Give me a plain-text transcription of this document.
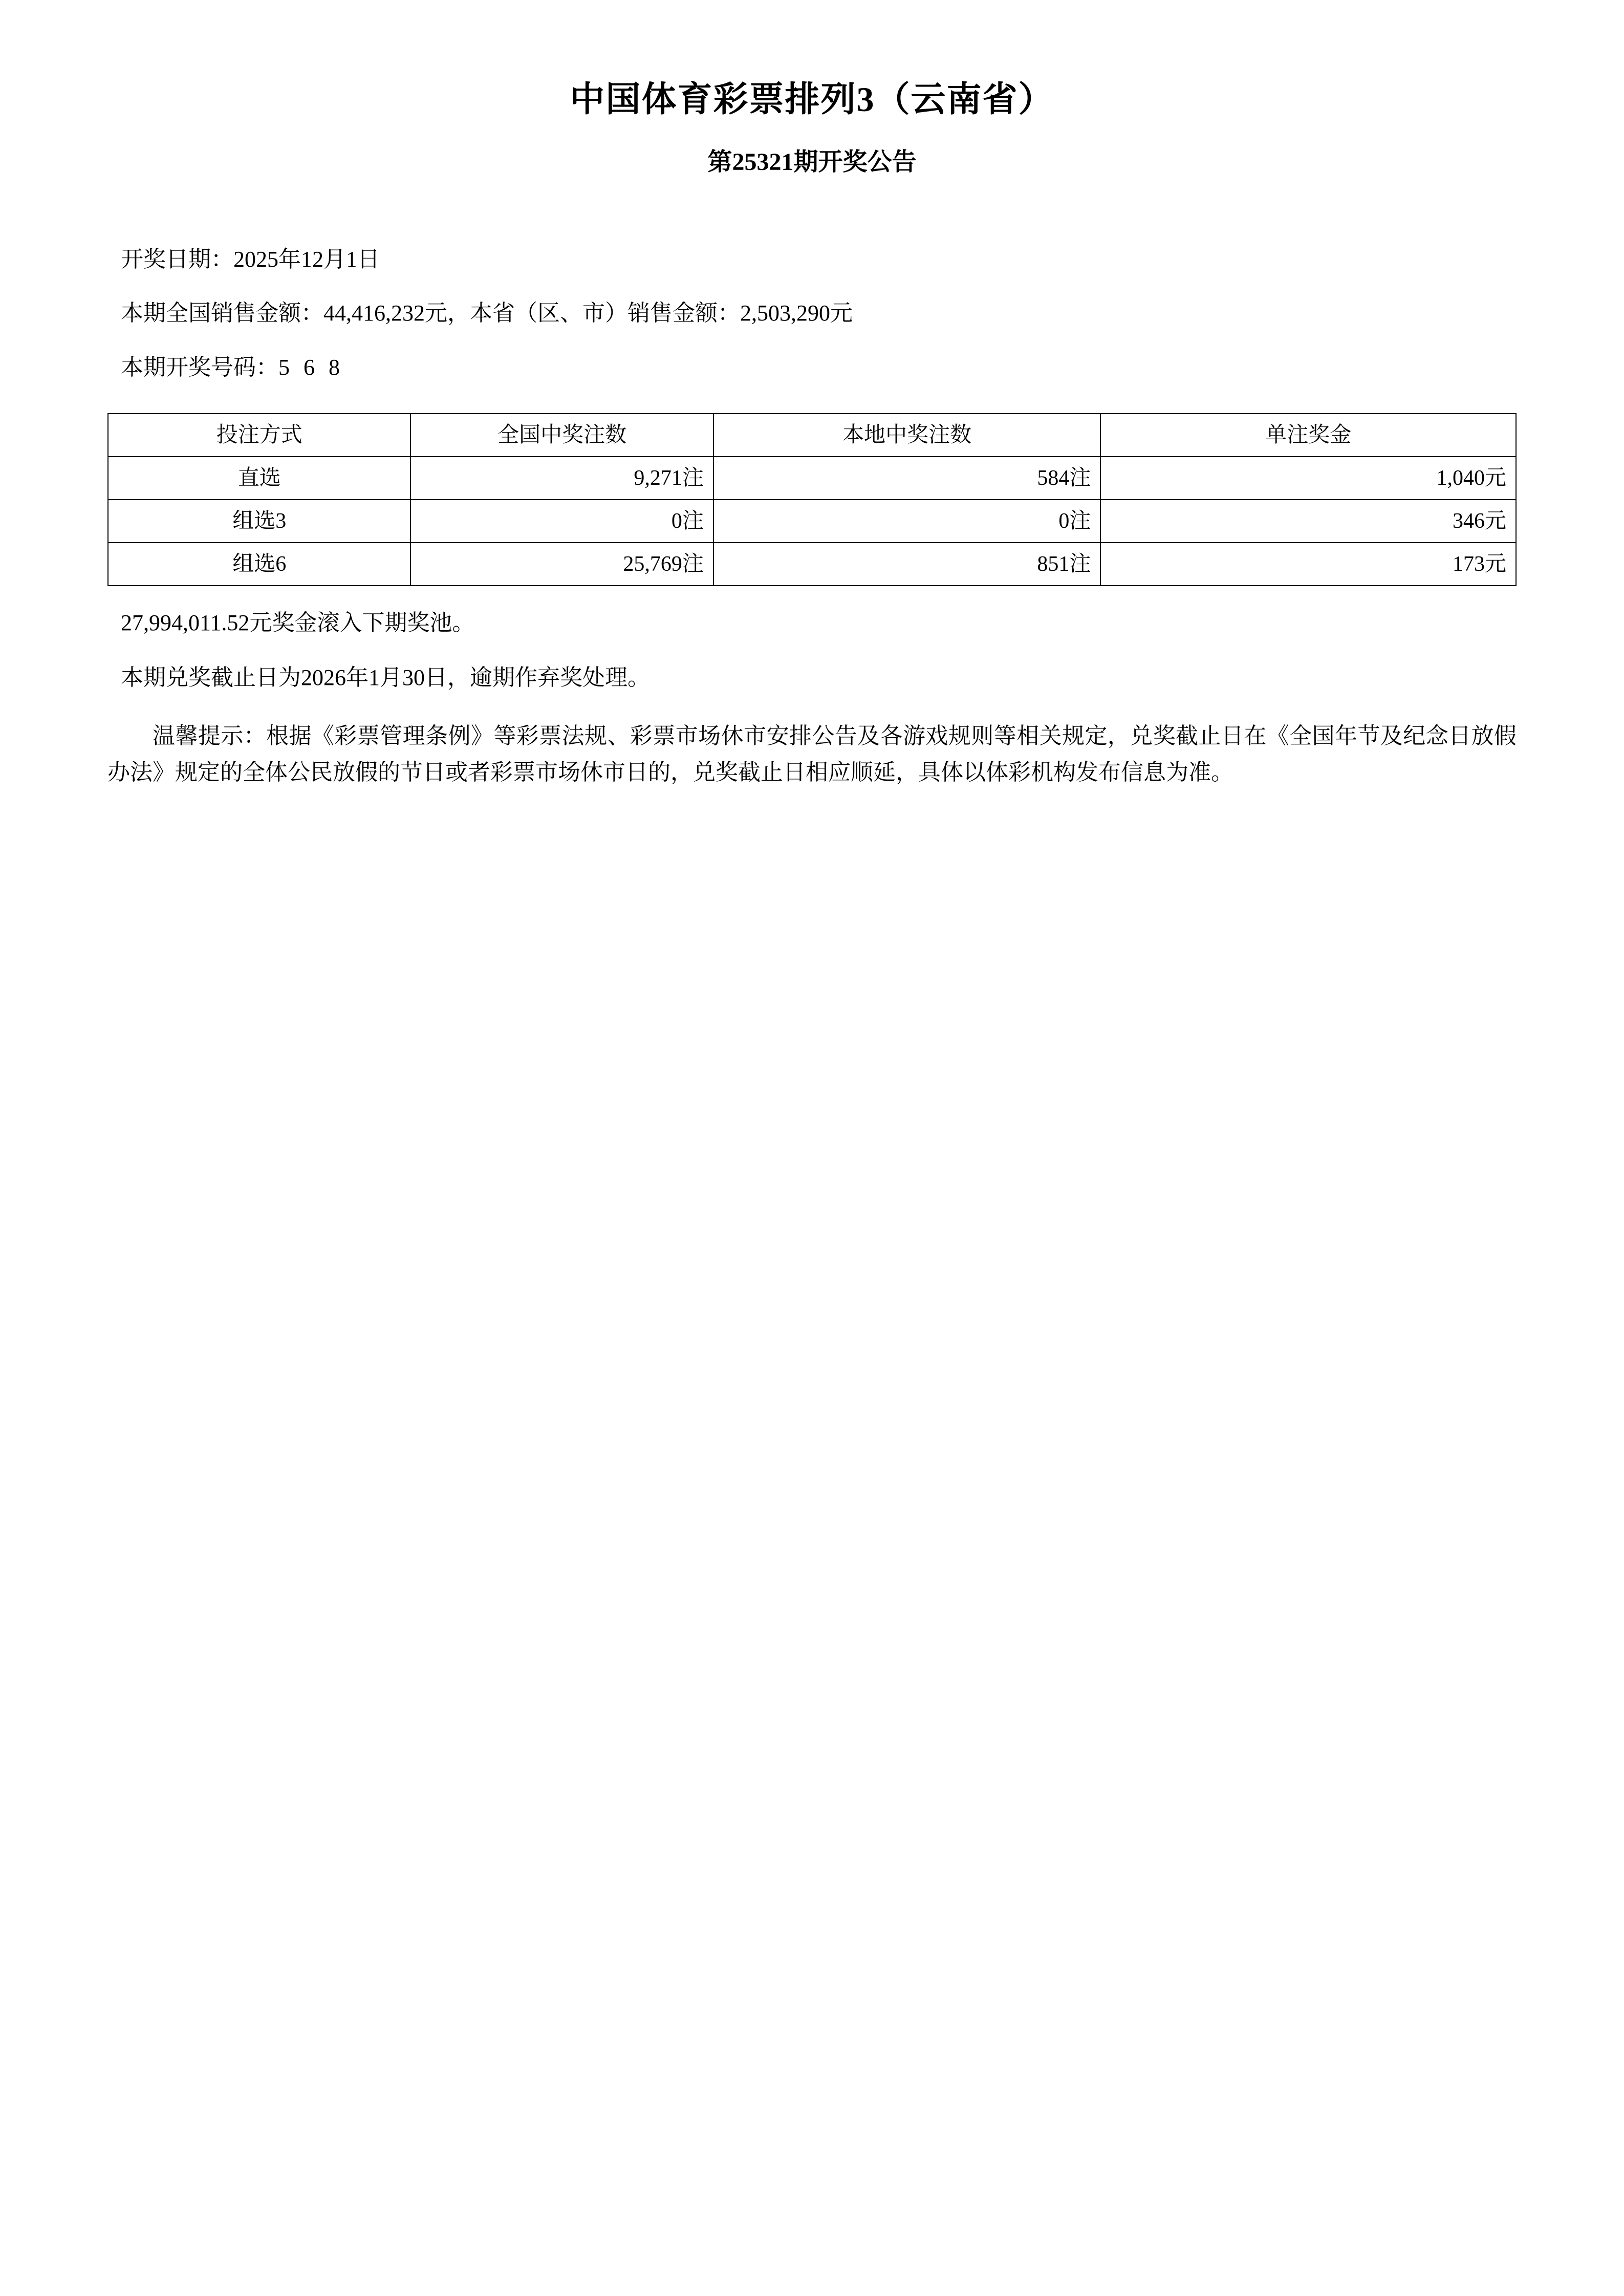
中国体育彩票排列3（云南省）
第25321期开奖公告

开奖日期：2025年12月1日

本期全国销售金额：44,416,232元，本省（区、市）销售金额：2,503,290元

本期开奖号码：5 6 8

投注方式	全国中奖注数	本地中奖注数	单注奖金
直选	9,271注	584注	1,040元
组选3	0注	0注	346元
组选6	25,769注	851注	173元

27,994,011.52元奖金滚入下期奖池。

本期兑奖截止日为2026年1月30日，逾期作弃奖处理。

温馨提示：根据《彩票管理条例》等彩票法规、彩票市场休市安排公告及各游戏规则等相关规定，兑奖截止日在《全国年节及纪念日放假办法》规定的全体公民放假的节日或者彩票市场休市日的，兑奖截止日相应顺延，具体以体彩机构发布信息为准。
